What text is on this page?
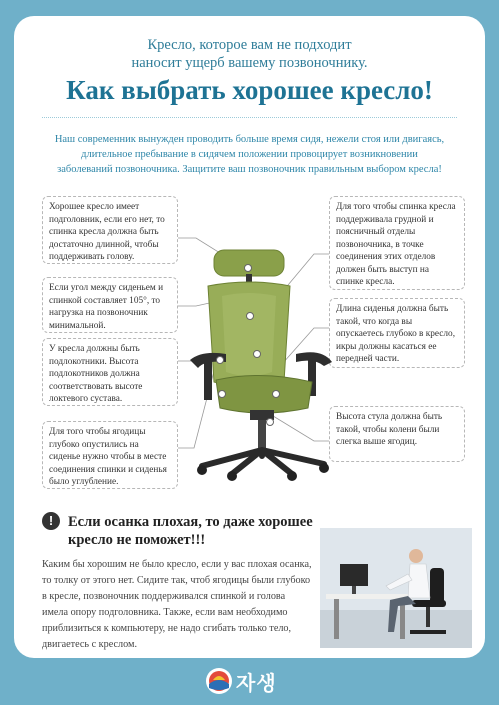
Кресло, которое вам не подходит
наносит ущерб вашему позвоночнику.
Как выбрать хорошее кресло!
Наш современник вынужден проводить больше время сидя, нежели стоя или двигаясь,
длительное пребывание в сидячем положении провоцирует возникновении
заболеваний позвоночника. Защитите ваш позвоночник правильным выбором кресла!
Хорошее кресло имеет подголовник, если его нет, то спинка кресла должна быть достаточно длинной, чтобы поддерживать голову.
Если угол между сиденьем и спинкой составляет 105°, то нагрузка на позвоночник минимальной.
У кресла должны быть подлокотники. Высота подлокотников должна соответствовать высоте локтевого сустава.
Для того чтобы ягодицы глубоко опустились на сиденье нужно чтобы в месте соединения спинки и сиденья было углубление.
Для того чтобы спинка кресла поддерживала грудной и поясничный отделы позвоночника, в точке соединения этих отделов должен быть выступ на спинке кресла.
Длина сиденья должна быть такой, что когда вы опускаетесь глубоко в кресло, икры должны касаться ее передней части.
Высота стула должна быть такой, чтобы колени были слегка выше ягодиц.
!	Если осанка плохая, то даже хорошее
кресло не поможет!!!
Каким бы хорошим не было кресло, если у вас плохая осанка, то толку от этого нет. Сидите так, чтоб ягодицы были глубоко в кресле, позвоночник поддерживался спинкой и голова имела опору подголовника. Также, если вам необходимо приблизиться к компьютеру, не надо сгибать только тело, двигаетесь с креслом.
자생
